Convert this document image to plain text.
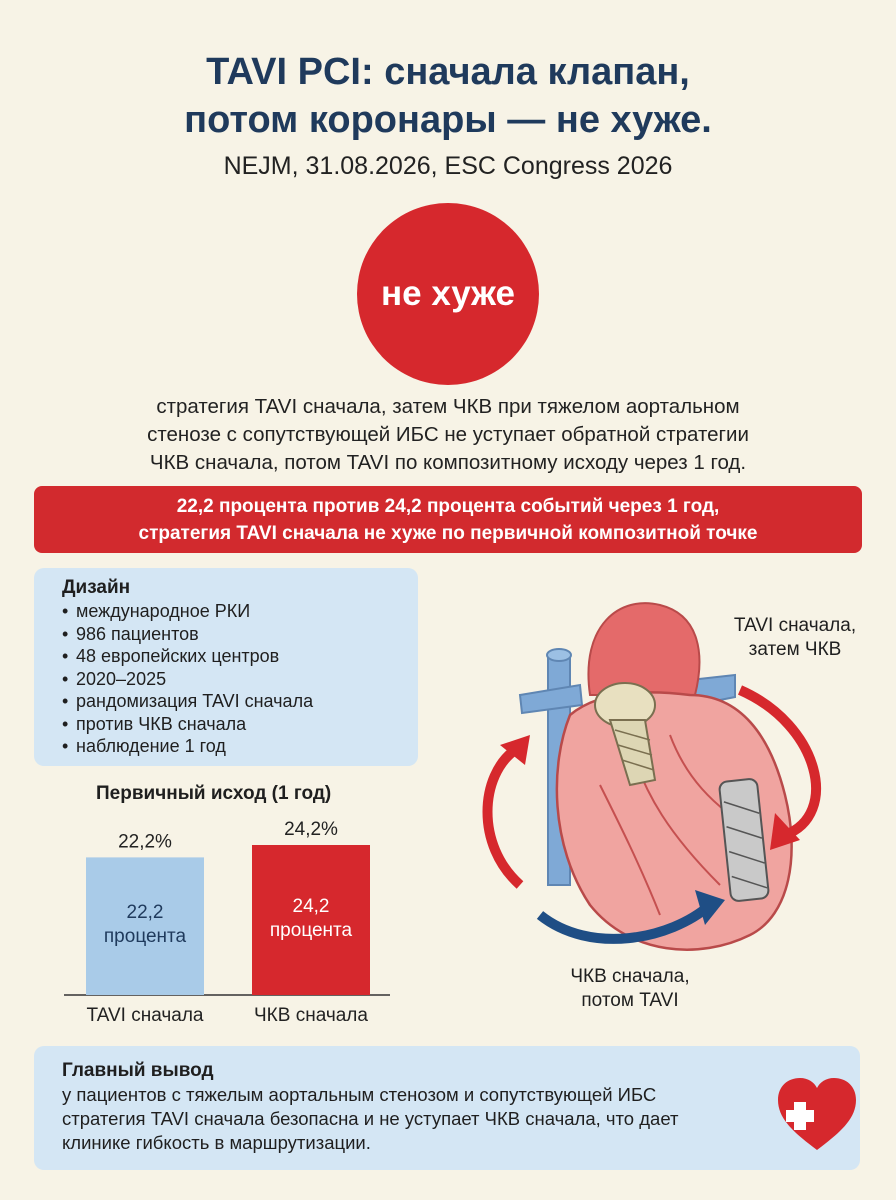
TAVI PCI: сначала клапан,
потом коронары — не хуже.
NEJM, 31.08.2026, ESC Congress 2026
не хуже
стратегия TAVI сначала, затем ЧКВ при тяжелом аортальном
стенозе с сопутствующей ИБС не уступает обратной стратегии
ЧКВ сначала, потом TAVI по композитному исходу через 1 год.
22,2 процента против 24,2 процента событий через 1 год,
стратегия TAVI сначала не хуже по первичной композитной точке
Дизайн
• международное РКИ
• 986 пациентов
• 48 европейских центров
• 2020–2025
• рандомизация TAVI сначала
• против ЧКВ сначала
• наблюдение 1 год
Первичный исход (1 год)
22,2%
22,2
процента
TAVI сначала
24,2%
24,2
процента
ЧКВ сначала
TAVI сначала,
затем ЧКВ
ЧКВ сначала,
потом TAVI
Главный вывод
у пациентов с тяжелым аортальным стенозом и сопутствующей ИБС
стратегия TAVI сначала безопасна и не уступает ЧКВ сначала, что дает
клинике гибкость в маршрутизации.
